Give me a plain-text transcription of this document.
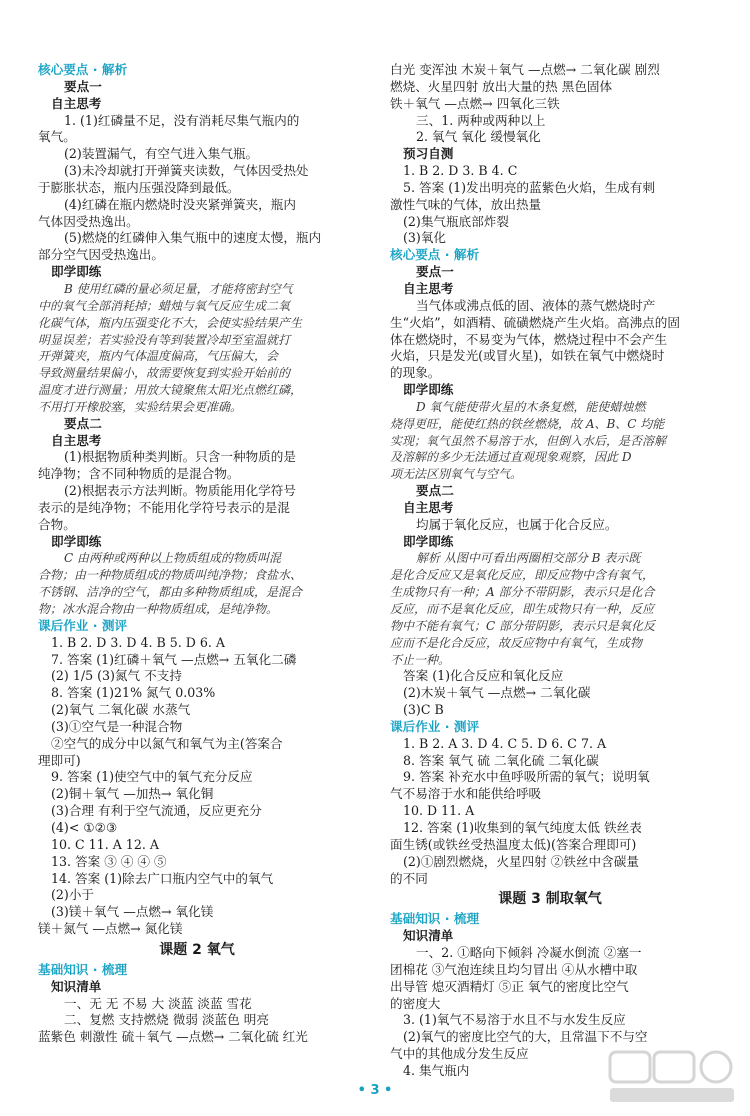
核心要点 · 解析
要点一
自主思考
1. (1)红磷量不足，没有消耗尽集气瓶内的
氧气。
(2)装置漏气，有空气进入集气瓶。
(3)未冷却就打开弹簧夹读数，气体因受热处
于膨胀状态，瓶内压强没降到最低。
(4)红磷在瓶内燃烧时没夹紧弹簧夹，瓶内
气体因受热逸出。
(5)燃烧的红磷伸入集气瓶中的速度太慢，瓶内
部分空气因受热逸出。
即学即练
B 使用红磷的量必须足量，才能将密封空气
中的氧气全部消耗掉；蜡烛与氧气反应生成二氧
化碳气体，瓶内压强变化不大，会使实验结果产生
明显误差；若实验没有等到装置冷却至室温就打
开弹簧夹，瓶内气体温度偏高，气压偏大，会
导致测量结果偏小，故需要恢复到实验开始前的
温度才进行测量；用放大镜聚焦太阳光点燃红磷，
不用打开橡胶塞，实验结果会更准确。
要点二
自主思考
(1)根据物质种类判断。只含一种物质的是
纯净物；含不同种物质的是混合物。
(2)根据表示方法判断。物质能用化学符号
表示的是纯净物；不能用化学符号表示的是混
合物。
即学即练
C 由两种或两种以上物质组成的物质叫混
合物；由一种物质组成的物质叫纯净物；食盐水、
不锈钢、洁净的空气，都由多种物质组成，是混合
物；冰水混合物由一种物质组成，是纯净物。
课后作业 · 测评
1. B 2. D 3. D 4. B 5. D 6. A
7. 答案 (1)红磷＋氧气 —点燃→ 五氧化二磷
(2) 1/5 (3)氮气 不支持
8. 答案 (1)21% 氮气 0.03%
(2)氧气 二氧化碳 水蒸气
(3)①空气是一种混合物
②空气的成分中以氮气和氧气为主(答案合
理即可)
9. 答案 (1)使空气中的氧气充分反应
(2)铜＋氧气 —加热→ 氧化铜
(3)合理 有利于空气流通，反应更充分
(4)< ①②③
10. C 11. A 12. A
13. 答案 ③ ④ ④ ⑤
14. 答案 (1)除去广口瓶内空气中的氧气
(2)小于
(3)镁＋氧气 —点燃→ 氧化镁
镁＋氮气 —点燃→ 氮化镁
课题 2 氧气
基础知识 · 梳理
知识清单
一、无 无 不易 大 淡蓝 淡蓝 雪花
二、复燃 支持燃烧 微弱 淡蓝色 明亮
蓝紫色 刺激性 硫＋氧气 —点燃→ 二氧化硫 红光
白光 变浑浊 木炭＋氧气 —点燃→ 二氧化碳 剧烈
燃烧、火星四射 放出大量的热 黑色固体
铁＋氧气 —点燃→ 四氧化三铁
三、1. 两种或两种以上
2. 氧气 氧化 缓慢氧化
预习自测
1. B 2. D 3. B 4. C
5. 答案 (1)发出明亮的蓝紫色火焰，生成有刺
激性气味的气体，放出热量
(2)集气瓶底部炸裂
(3)氧化
核心要点 · 解析
要点一
自主思考
当气体或沸点低的固、液体的蒸气燃烧时产
生“火焰”，如酒精、硫磺燃烧产生火焰。高沸点的固
体在燃烧时，不易变为气体，燃烧过程中不会产生
火焰，只是发光(或冒火星)，如铁在氧气中燃烧时
的现象。
即学即练
D 氧气能使带火星的木条复燃，能使蜡烛燃
烧得更旺，能使红热的铁丝燃烧，故 A、B、C 均能
实现；氧气虽然不易溶于水，但倒入水后，是否溶解
及溶解的多少无法通过直观现象观察，因此 D
项无法区别氧气与空气。
要点二
自主思考
均属于氧化反应，也属于化合反应。
即学即练
解析 从图中可看出两圈相交部分 B 表示既
是化合反应又是氧化反应，即反应物中含有氧气，
生成物只有一种；A 部分不带阴影，表示只是化合
反应，而不是氧化反应，即生成物只有一种，反应
物中不能有氧气；C 部分带阴影，表示只是氧化反
应而不是化合反应，故反应物中有氧气，生成物
不止一种。
答案 (1)化合反应和氧化反应
(2)木炭＋氧气 —点燃→ 二氧化碳
(3)C B
课后作业 · 测评
1. B 2. A 3. D 4. C 5. D 6. C 7. A
8. 答案 氧气 硫 二氧化硫 二氧化碳
9. 答案 补充水中鱼呼吸所需的氧气；说明氧
气不易溶于水和能供给呼吸
10. D 11. A
12. 答案 (1)收集到的氧气纯度太低 铁丝表
面生锈(或铁丝受热温度太低)(答案合理即可)
(2)①剧烈燃烧，火星四射 ②铁丝中含碳量
的不同
课题 3 制取氧气
基础知识 · 梳理
知识清单
一、2. ①略向下倾斜 冷凝水倒流 ②塞一
团棉花 ③气泡连续且均匀冒出 ④从水槽中取
出导管 熄灭酒精灯 ⑤正 氧气的密度比空气
的密度大
3. (1)氧气不易溶于水且不与水发生反应
(2)氧气的密度比空气的大，且常温下不与空
气中的其他成分发生反应
4. 集气瓶内
• 3 •
